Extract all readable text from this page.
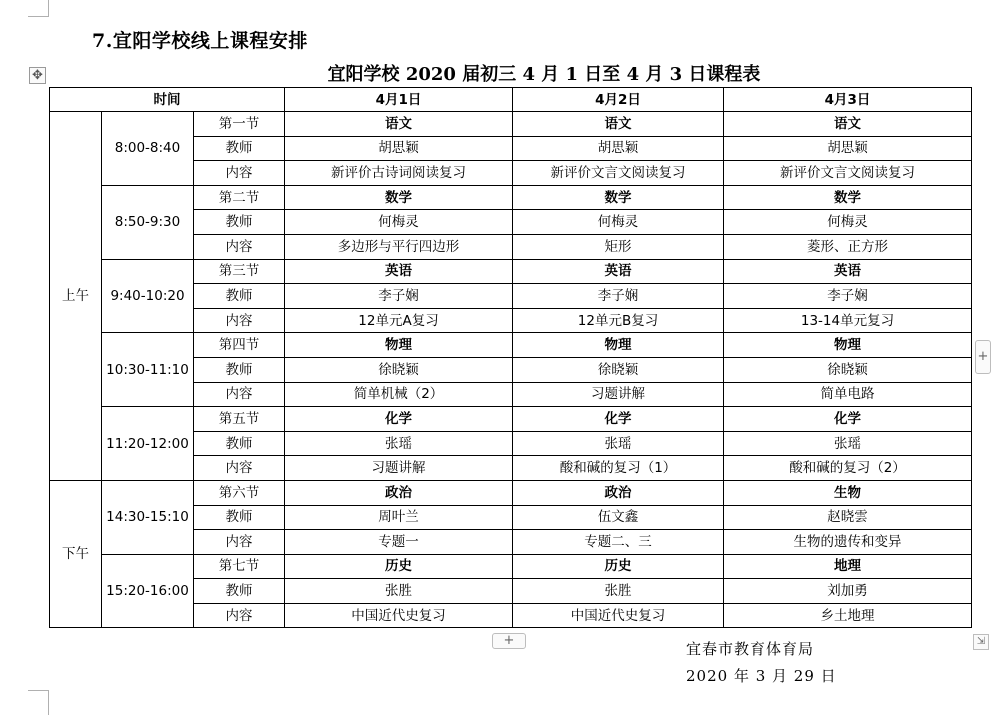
7.宜阳学校线上课程安排
✥	宜阳学校 2020 届初三 4 月 1 日至 4 月 3 日课程表
时间			4月1日	4月2日	4月3日
上午	8:00-8:40	第一节	语文	语文	语文
		教师	胡思颖	胡思颖	胡思颖
		内容	新评价古诗词阅读复习	新评价文言文阅读复习	新评价文言文阅读复习
	8:50-9:30	第二节	数学	数学	数学
		教师	何梅灵	何梅灵	何梅灵
		内容	多边形与平行四边形	矩形	菱形、正方形
	9:40-10:20	第三节	英语	英语	英语
		教师	李子娴	李子娴	李子娴
		内容	12单元A复习	12单元B复习	13-14单元复习
	10:30-11:10	第四节	物理	物理	物理
		教师	徐晓颖	徐晓颖	徐晓颖
		内容	简单机械（2）	习题讲解	简单电路
	11:20-12:00	第五节	化学	化学	化学
		教师	张瑶	张瑶	张瑶
		内容	习题讲解	酸和碱的复习（1）	酸和碱的复习（2）
下午	14:30-15:10	第六节	政治	政治	生物
		教师	周叶兰	伍文鑫	赵晓雲
		内容	专题一	专题二、三	生物的遗传和变异
	15:20-16:00	第七节	历史	历史	地理
		教师	张胜	张胜	刘加勇
		内容	中国近代史复习	中国近代史复习	乡土地理
+
+	⇲
宜春市教育体育局
2020 年 3 月 29 日
